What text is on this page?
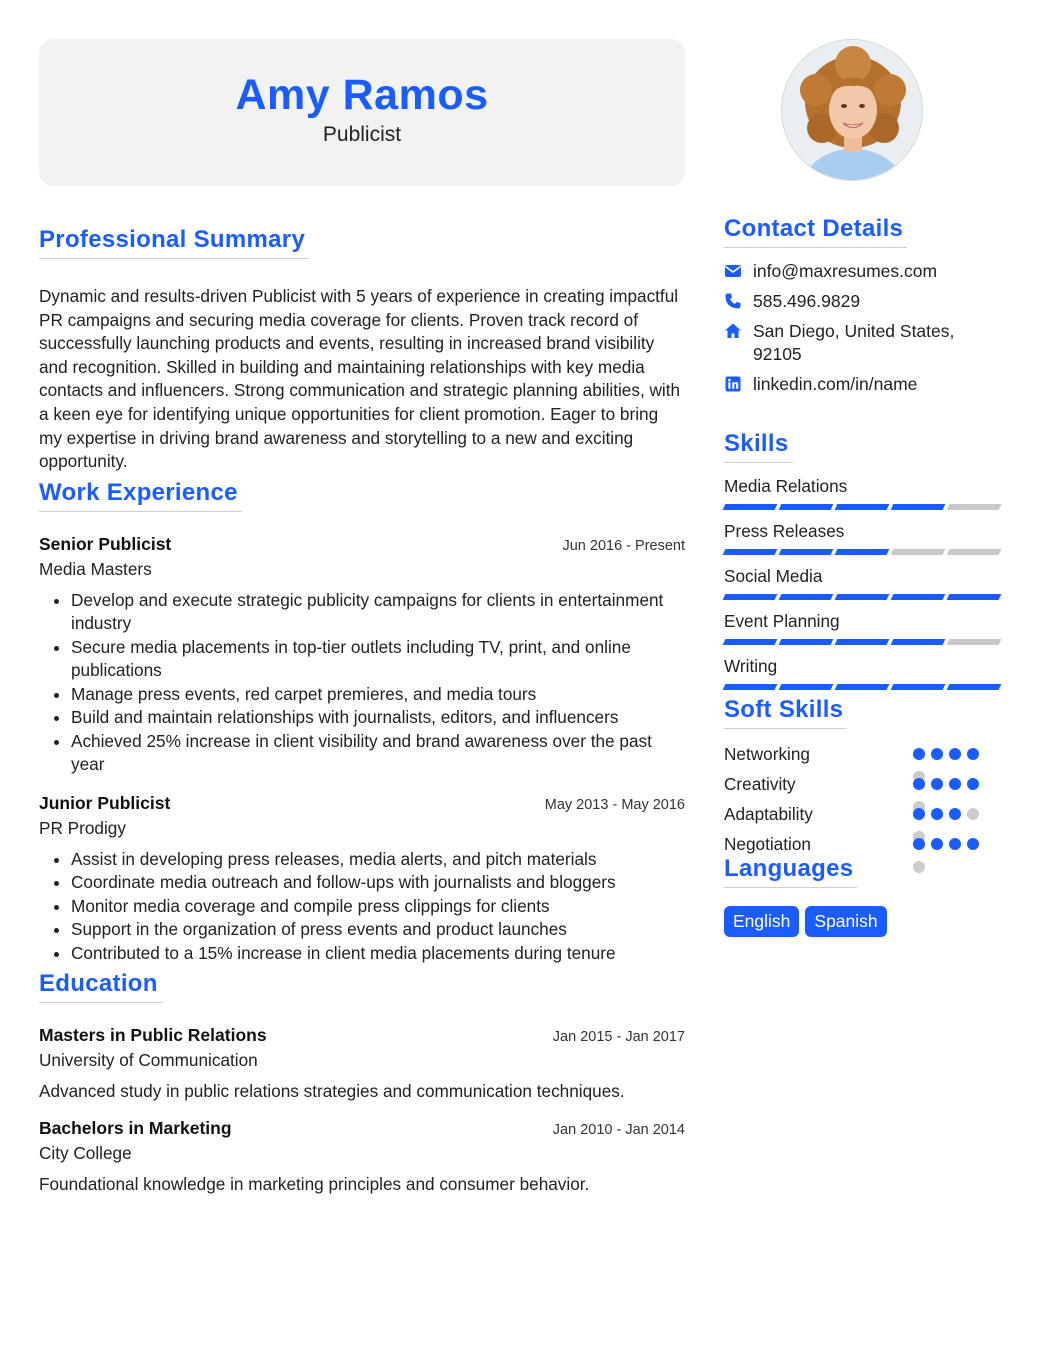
Amy Ramos
Publicist
Professional Summary

Dynamic and results-driven Publicist with 5 years of experience in creating impactful PR campaigns and securing media coverage for clients. Proven track record of successfully launching products and events, resulting in increased brand visibility and recognition. Skilled in building and maintaining relationships with key media contacts and influencers. Strong communication and strategic planning abilities, with a keen eye for identifying unique opportunities for client promotion. Eager to bring my expertise in driving brand awareness and storytelling to a new and exciting opportunity.

Work Experience
Senior Publicist	Jun 2016 - Present
Media Masters
• Develop and execute strategic publicity campaigns for clients in entertainment industry
• Secure media placements in top-tier outlets including TV, print, and online publications
• Manage press events, red carpet premieres, and media tours
• Build and maintain relationships with journalists, editors, and influencers
• Achieved 25% increase in client visibility and brand awareness over the past year
Junior Publicist	May 2013 - May 2016
PR Prodigy
• Assist in developing press releases, media alerts, and pitch materials
• Coordinate media outreach and follow-ups with journalists and bloggers
• Monitor media coverage and compile press clippings for clients
• Support in the organization of press events and product launches
• Contributed to a 15% increase in client media placements during tenure
Education
Masters in Public Relations	Jan 2015 - Jan 2017
University of Communication
Advanced study in public relations strategies and communication techniques.
Bachelors in Marketing	Jan 2010 - Jan 2014
City College
Foundational knowledge in marketing principles and consumer behavior.
Contact Details
info@maxresumes.com
585.496.9829
San Diego, United States, 92105
linkedin.com/in/name
Skills
Media Relations
Press Releases
Social Media
Event Planning
Writing
Soft Skills
Networking
Creativity
Adaptability
Negotiation
Languages
English	Spanish
